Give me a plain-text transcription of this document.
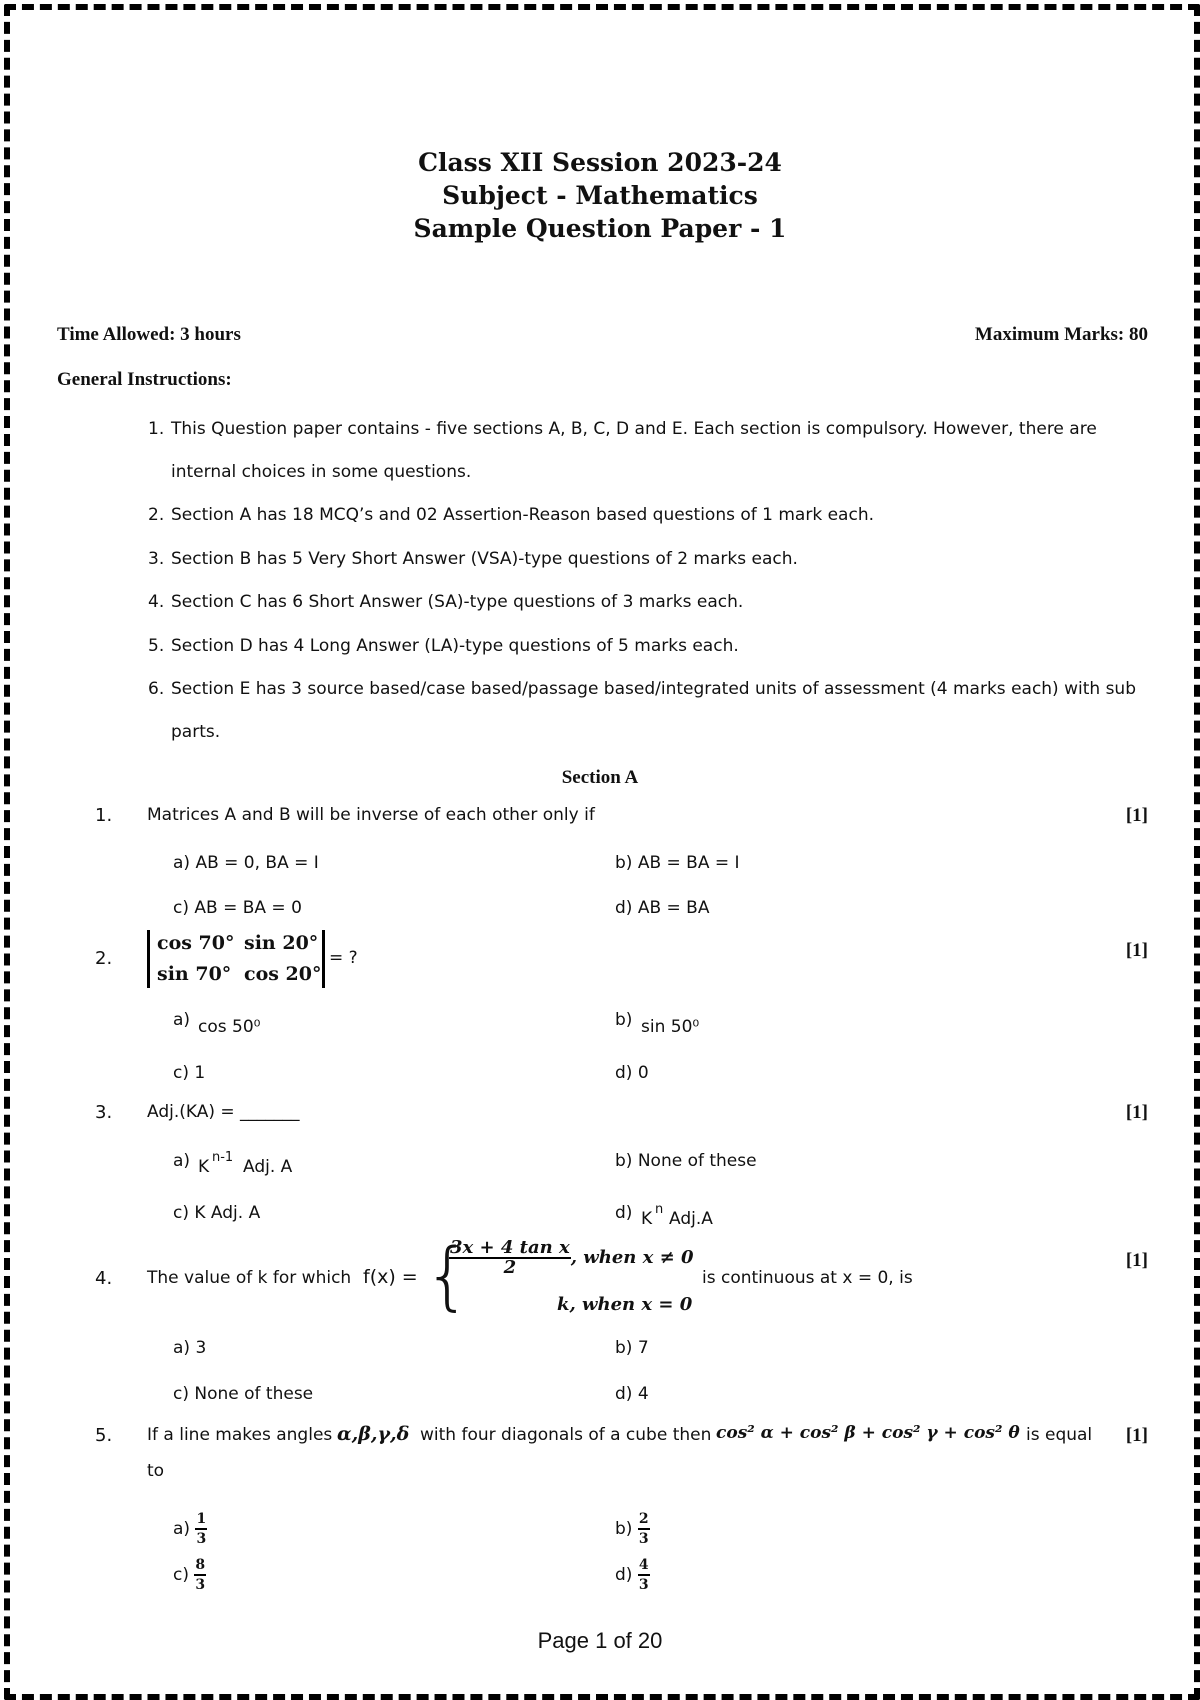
Class XII Session 2023-24
Subject - Mathematics
Sample Question Paper - 1
Time Allowed: 3 hours	Maximum Marks: 80
General Instructions:
1. This Question paper contains - five sections A, B, C, D and E. Each section is compulsory. However, there are
internal choices in some questions.
2. Section A has 18 MCQ’s and 02 Assertion-Reason based questions of 1 mark each.
3. Section B has 5 Very Short Answer (VSA)-type questions of 2 marks each.
4. Section C has 6 Short Answer (SA)-type questions of 3 marks each.
5. Section D has 4 Long Answer (LA)-type questions of 5 marks each.
6. Section E has 3 source based/case based/passage based/integrated units of assessment (4 marks each) with sub
parts.
Section A
1. Matrices A and B will be inverse of each other only if	[1]
a) AB = 0, BA = I	b) AB = BA = I
c) AB = BA = 0	d) AB = BA
2.
cos 70° sin 20°
sin 70° cos 20°
= ?	[1]
a) cos 50⁰	b) sin 50⁰
c) 1	d) 0
3. Adj.(KA) = _______	[1]
a) K n-1 Adj. A	b) None of these
c) K Adj. A	d) K n Adj.A
4. The value of k for which f(x) = {
$\frac{\text{3x + 4 tan x}}{2}$ , when x ≠ 0
k, when x = 0
is continuous at x = 0, is
[1]
a) 3	b) 7
c) None of these	d) 4
5. If a line makes angles α,β,γ,δ with four diagonals of a cube then cos² α + cos² β + cos² γ + cos² θ is equal
to
[1]
$a) \frac{1}{3}$	$b) \frac{2}{3}$
$c) \frac{8}{3}$	$d) \frac{4}{3}$
Page 1 of 20
